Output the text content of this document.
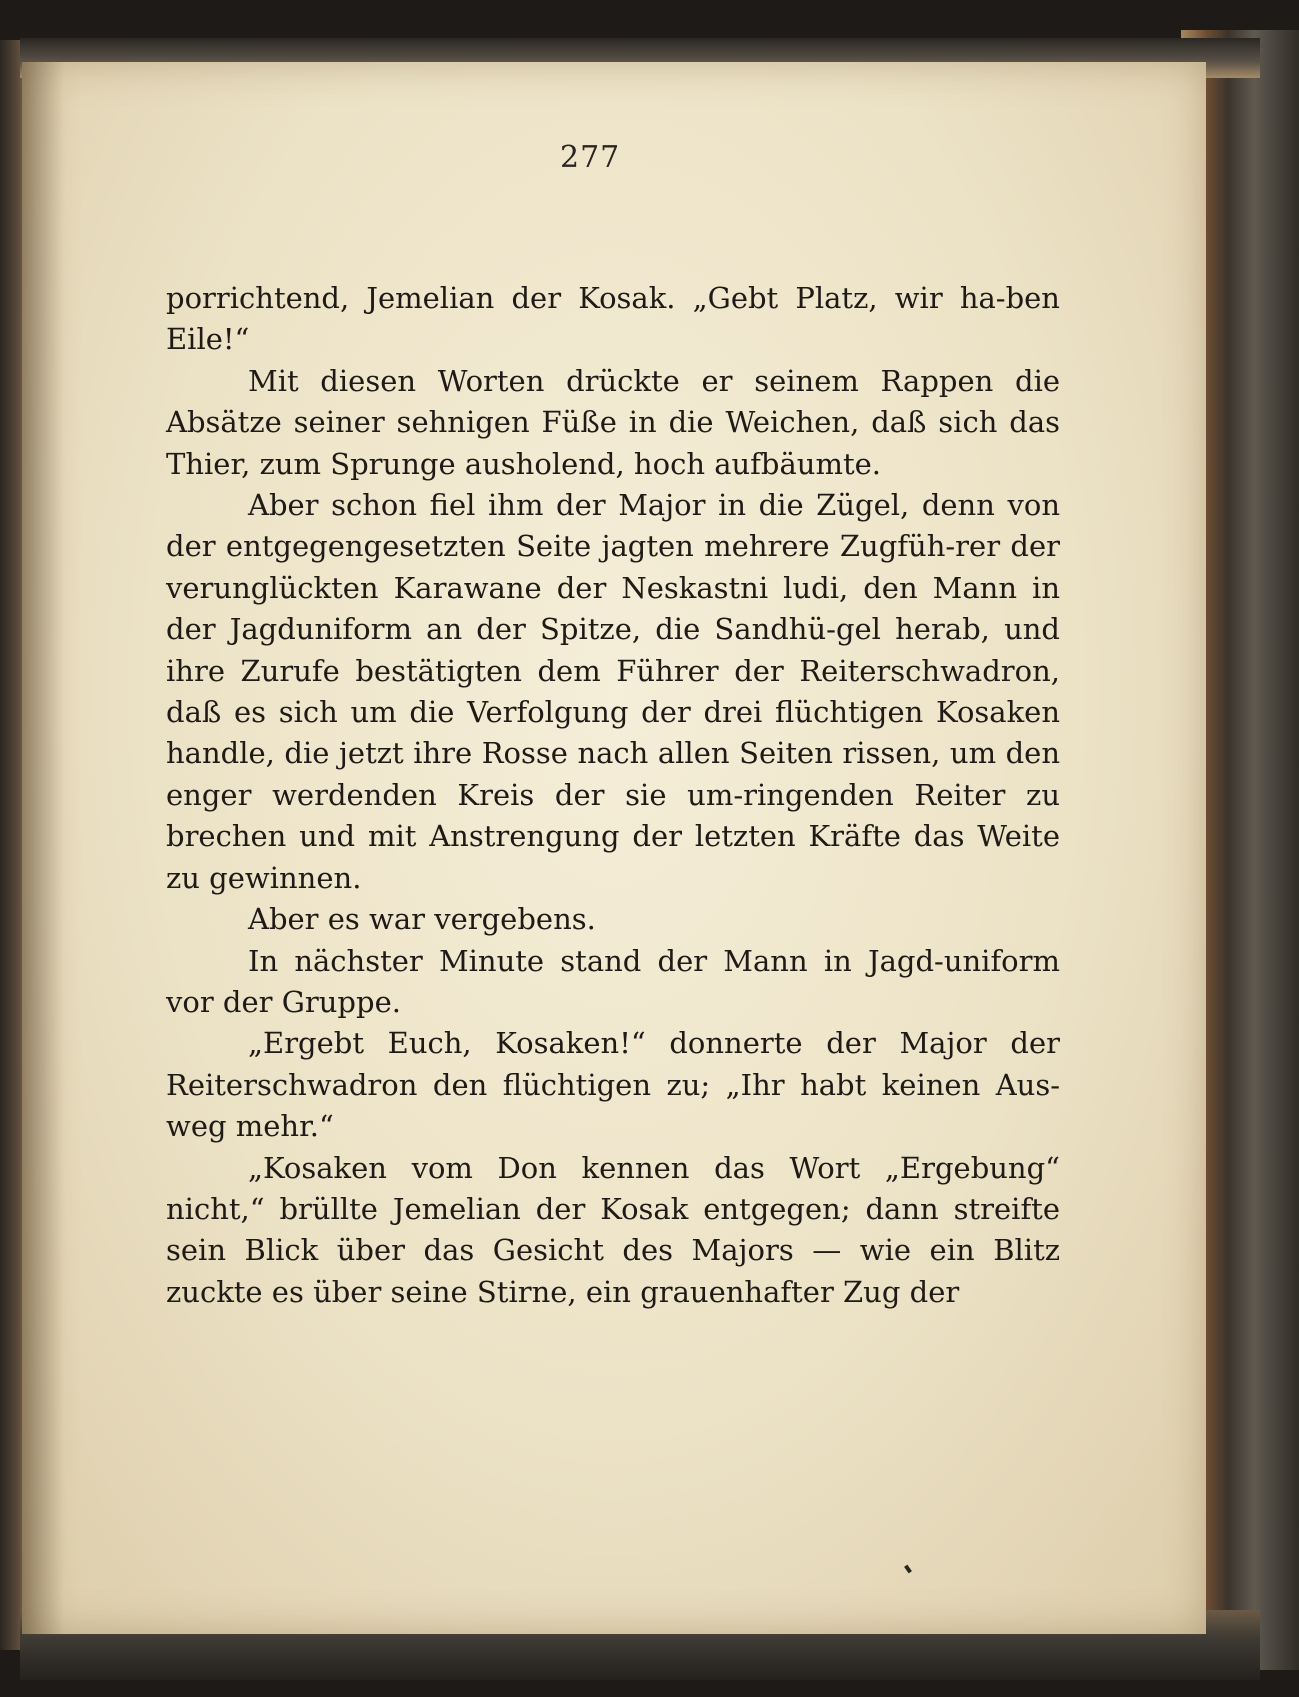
277

porrichtend, Jemelian der Kosak. „Gebt Platz, wir ha-ben Eile!“

Mit diesen Worten drückte er seinem Rappen die Absätze seiner sehnigen Füße in die Weichen, daß sich das Thier, zum Sprunge ausholend, hoch aufbäumte.

Aber schon fiel ihm der Major in die Zügel, denn von der entgegengesetzten Seite jagten mehrere Zugfüh-rer der verunglückten Karawane der Neskastni ludi, den Mann in der Jagduniform an der Spitze, die Sandhü-gel herab, und ihre Zurufe bestätigten dem Führer der Reiterschwadron, daß es sich um die Verfolgung der drei flüchtigen Kosaken handle, die jetzt ihre Rosse nach allen Seiten rissen, um den enger werdenden Kreis der sie um-ringenden Reiter zu brechen und mit Anstrengung der letzten Kräfte das Weite zu gewinnen.

Aber es war vergebens.

In nächster Minute stand der Mann in Jagd-uniform vor der Gruppe.

„Ergebt Euch, Kosaken!“ donnerte der Major der Reiterschwadron den flüchtigen zu; „Ihr habt keinen Aus-weg mehr.“

„Kosaken vom Don kennen das Wort „Ergebung“ nicht,“ brüllte Jemelian der Kosak entgegen; dann streifte sein Blick über das Gesicht des Majors — wie ein Blitz zuckte es über seine Stirne, ein grauenhafter Zug der
